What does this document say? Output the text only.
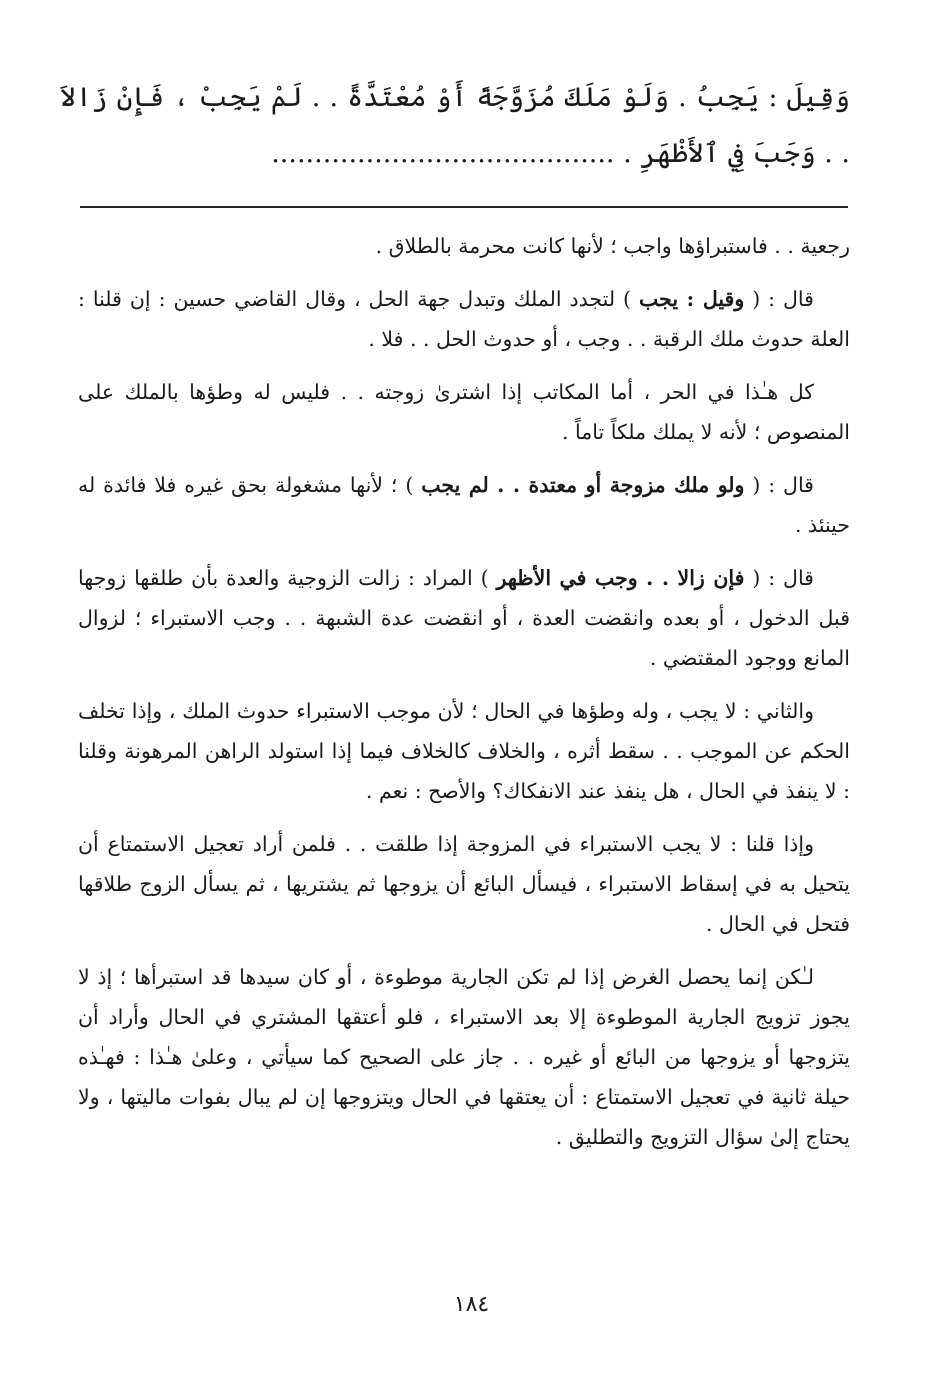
وَقِيلَ : يَجِبُ . وَلَوْ مَلَكَ مُزَوَّجَةً أَوْ مُعْتَدَّةً . . لَمْ يَجِبْ ، فَإِنْ زَالاَ . . وَجَبَ فِي ٱلأَظْهَرِ . ........................................

رجعية . . فاستبراؤها واجب ؛ لأنها كانت محرمة بالطلاق .

قال : ( وقيل : يجب ) لتجدد الملك وتبدل جهة الحل ، وقال القاضي حسين : إن قلنا : العلة حدوث ملك الرقبة . . وجب ، أو حدوث الحل . . فلا .

كل هـٰذا في الحر ، أما المكاتب إذا اشترىٰ زوجته . . فليس له وطؤها بالملك على المنصوص ؛ لأنه لا يملك ملكاً تاماً .

قال : ( ولو ملك مزوجة أو معتدة . . لم يجب ) ؛ لأنها مشغولة بحق غيره فلا فائدة له حينئذ .

قال : ( فإن زالا . . وجب في الأظهر ) المراد : زالت الزوجية والعدة بأن طلقها زوجها قبل الدخول ، أو بعده وانقضت العدة ، أو انقضت عدة الشبهة . . وجب الاستبراء ؛ لزوال المانع ووجود المقتضي .

والثاني : لا يجب ، وله وطؤها في الحال ؛ لأن موجب الاستبراء حدوث الملك ، وإذا تخلف الحكم عن الموجب . . سقط أثره ، والخلاف كالخلاف فيما إذا استولد الراهن المرهونة وقلنا : لا ينفذ في الحال ، هل ينفذ عند الانفكاك؟ والأصح : نعم .

وإذا قلنا : لا يجب الاستبراء في المزوجة إذا طلقت . . فلمن أراد تعجيل الاستمتاع أن يتحيل به في إسقاط الاستبراء ، فيسأل البائع أن يزوجها ثم يشتريها ، ثم يسأل الزوج طلاقها فتحل في الحال .

لـٰكن إنما يحصل الغرض إذا لم تكن الجارية موطوءة ، أو كان سيدها قد استبرأها ؛ إذ لا يجوز تزويج الجارية الموطوءة إلا بعد الاستبراء ، فلو أعتقها المشتري في الحال وأراد أن يتزوجها أو يزوجها من البائع أو غيره . . جاز على الصحيح كما سيأتي ، وعلىٰ هـٰذا : فهـٰذه حيلة ثانية في تعجيل الاستمتاع : أن يعتقها في الحال ويتزوجها إن لم يبال بفوات ماليتها ، ولا يحتاج إلىٰ سؤال التزويج والتطليق .

١٨٤
